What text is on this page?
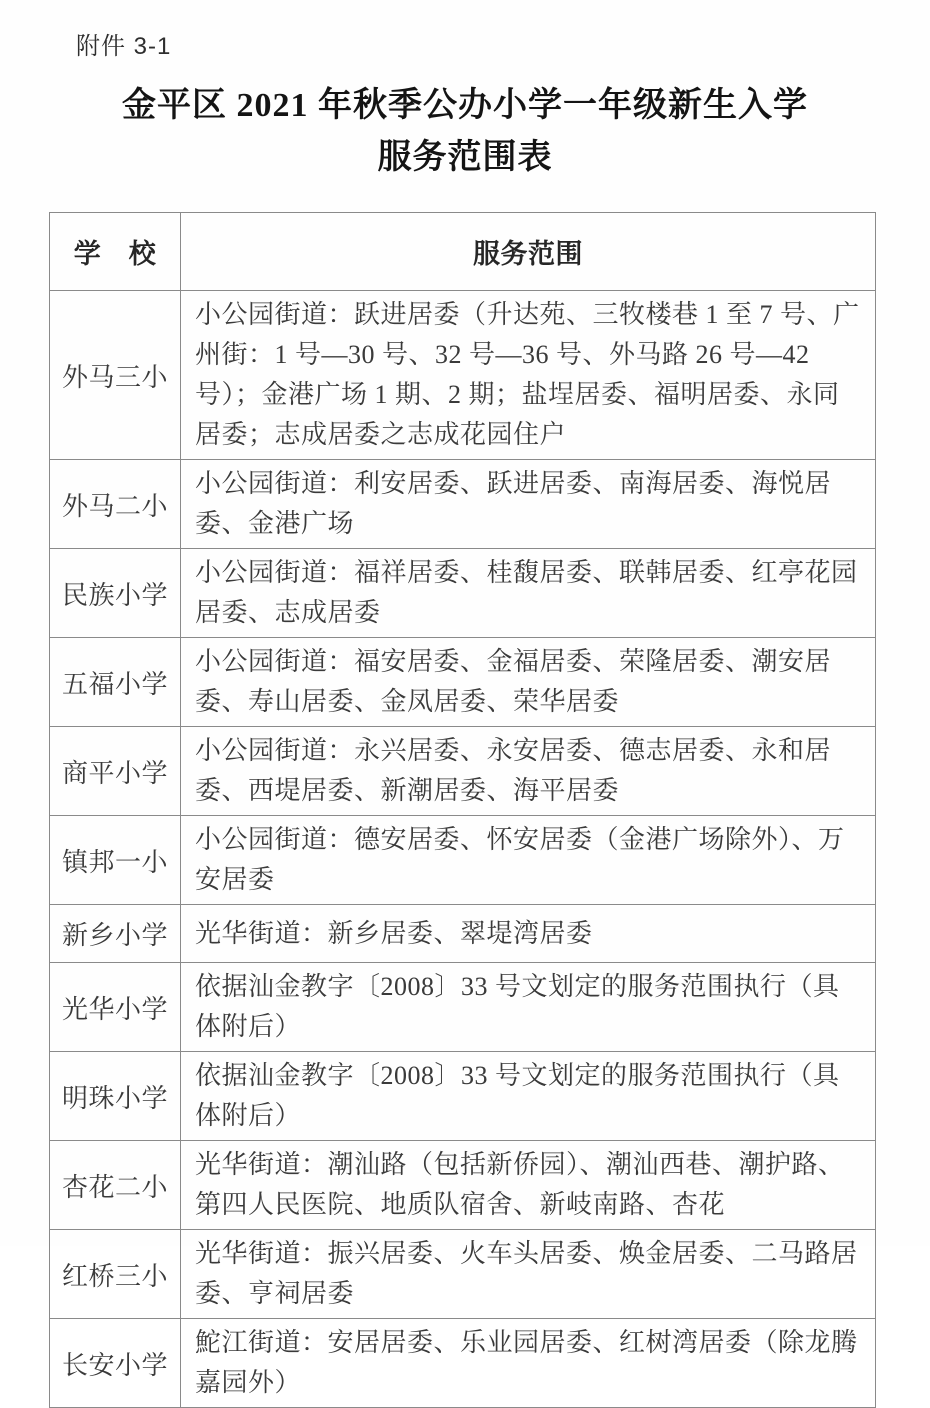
附件 3-1
金平区 2021 年秋季公办小学一年级新生入学
服务范围表
学　校	服务范围
外马三小	小公园街道：跃进居委（升达苑、三牧楼巷 1 至 7 号、广州街：1 号—30 号、32 号—36 号、外马路 26 号—42 号）；金港广场 1 期、2 期；盐埕居委、福明居委、永同居委；志成居委之志成花园住户
外马二小	小公园街道：利安居委、跃进居委、南海居委、海悦居委、金港广场
民族小学	小公园街道：福祥居委、桂馥居委、联韩居委、红亭花园居委、志成居委
五福小学	小公园街道：福安居委、金福居委、荣隆居委、潮安居委、寿山居委、金凤居委、荣华居委
商平小学	小公园街道：永兴居委、永安居委、德志居委、永和居委、西堤居委、新潮居委、海平居委
镇邦一小	小公园街道：德安居委、怀安居委（金港广场除外）、万安居委
新乡小学	光华街道：新乡居委、翠堤湾居委
光华小学	依据汕金教字〔2008〕33 号文划定的服务范围执行（具体附后）
明珠小学	依据汕金教字〔2008〕33 号文划定的服务范围执行（具体附后）
杏花二小	光华街道：潮汕路（包括新侨园）、潮汕西巷、潮护路、第四人民医院、地质队宿舍、新岐南路、杏花
红桥三小	光华街道：振兴居委、火车头居委、焕金居委、二马路居委、亨祠居委
长安小学	鮀江街道：安居居委、乐业园居委、红树湾居委（除龙腾嘉园外）
